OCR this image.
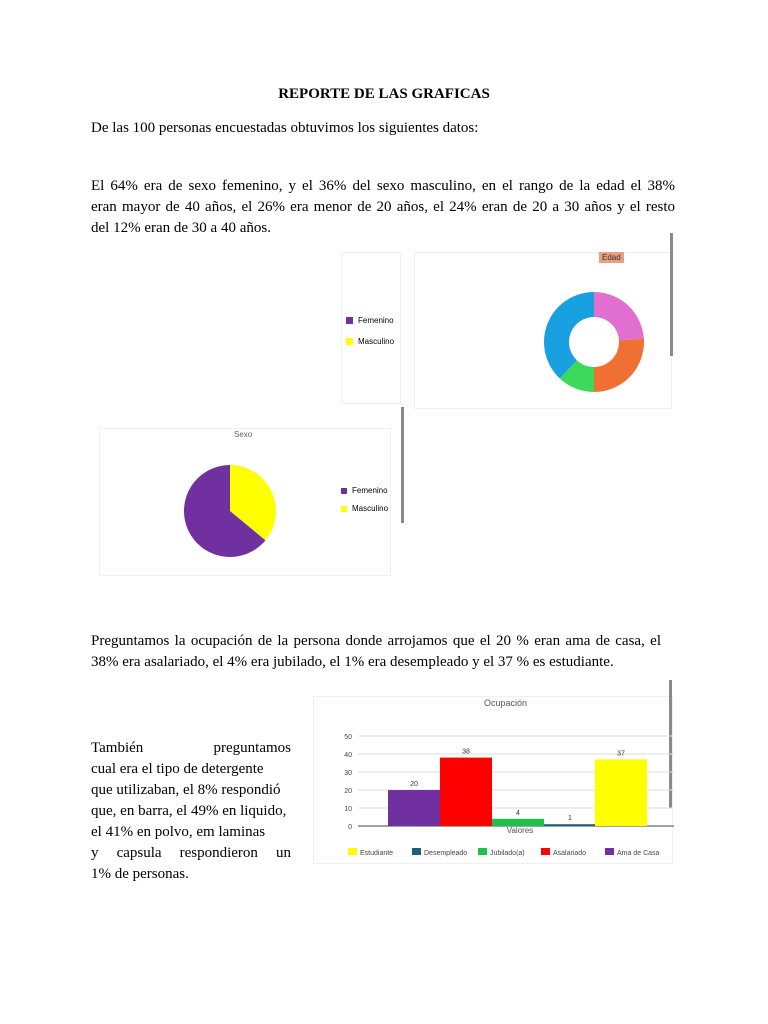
REPORTE DE LAS GRAFICAS
De las 100 personas encuestadas obtuvimos los siguientes datos:
El 64% era de sexo femenino, y el 36% del sexo masculino, en el rango de la edad el 38%
eran mayor de 40 años, el 26% era menor de 20 años, el 24% eran de 20 a 30 años y el resto
del 12% eran de 30 a 40 años.
Femenino
Masculino
Edad
Sexo
Femenino
Masculino
Preguntamos la ocupación de la persona donde arrojamos que el 20 % eran ama de casa, el
38% era asalariado, el 4% era jubilado, el 1% era desempleado y el 37 % es estudiante.
También preguntamos
cual era el tipo de detergente
que utilizaban, el 8% respondió
que, en barra, el 49% en liquido,
el 41% en polvo, em laminas
y capsula respondieron un
1% de personas.
Ocupación
0
10
20
30
40
50
20
38
4
1
37
Valores
Estudiante	Desempleado	Jubilado(a)	Asalariado	Ama de Casa
